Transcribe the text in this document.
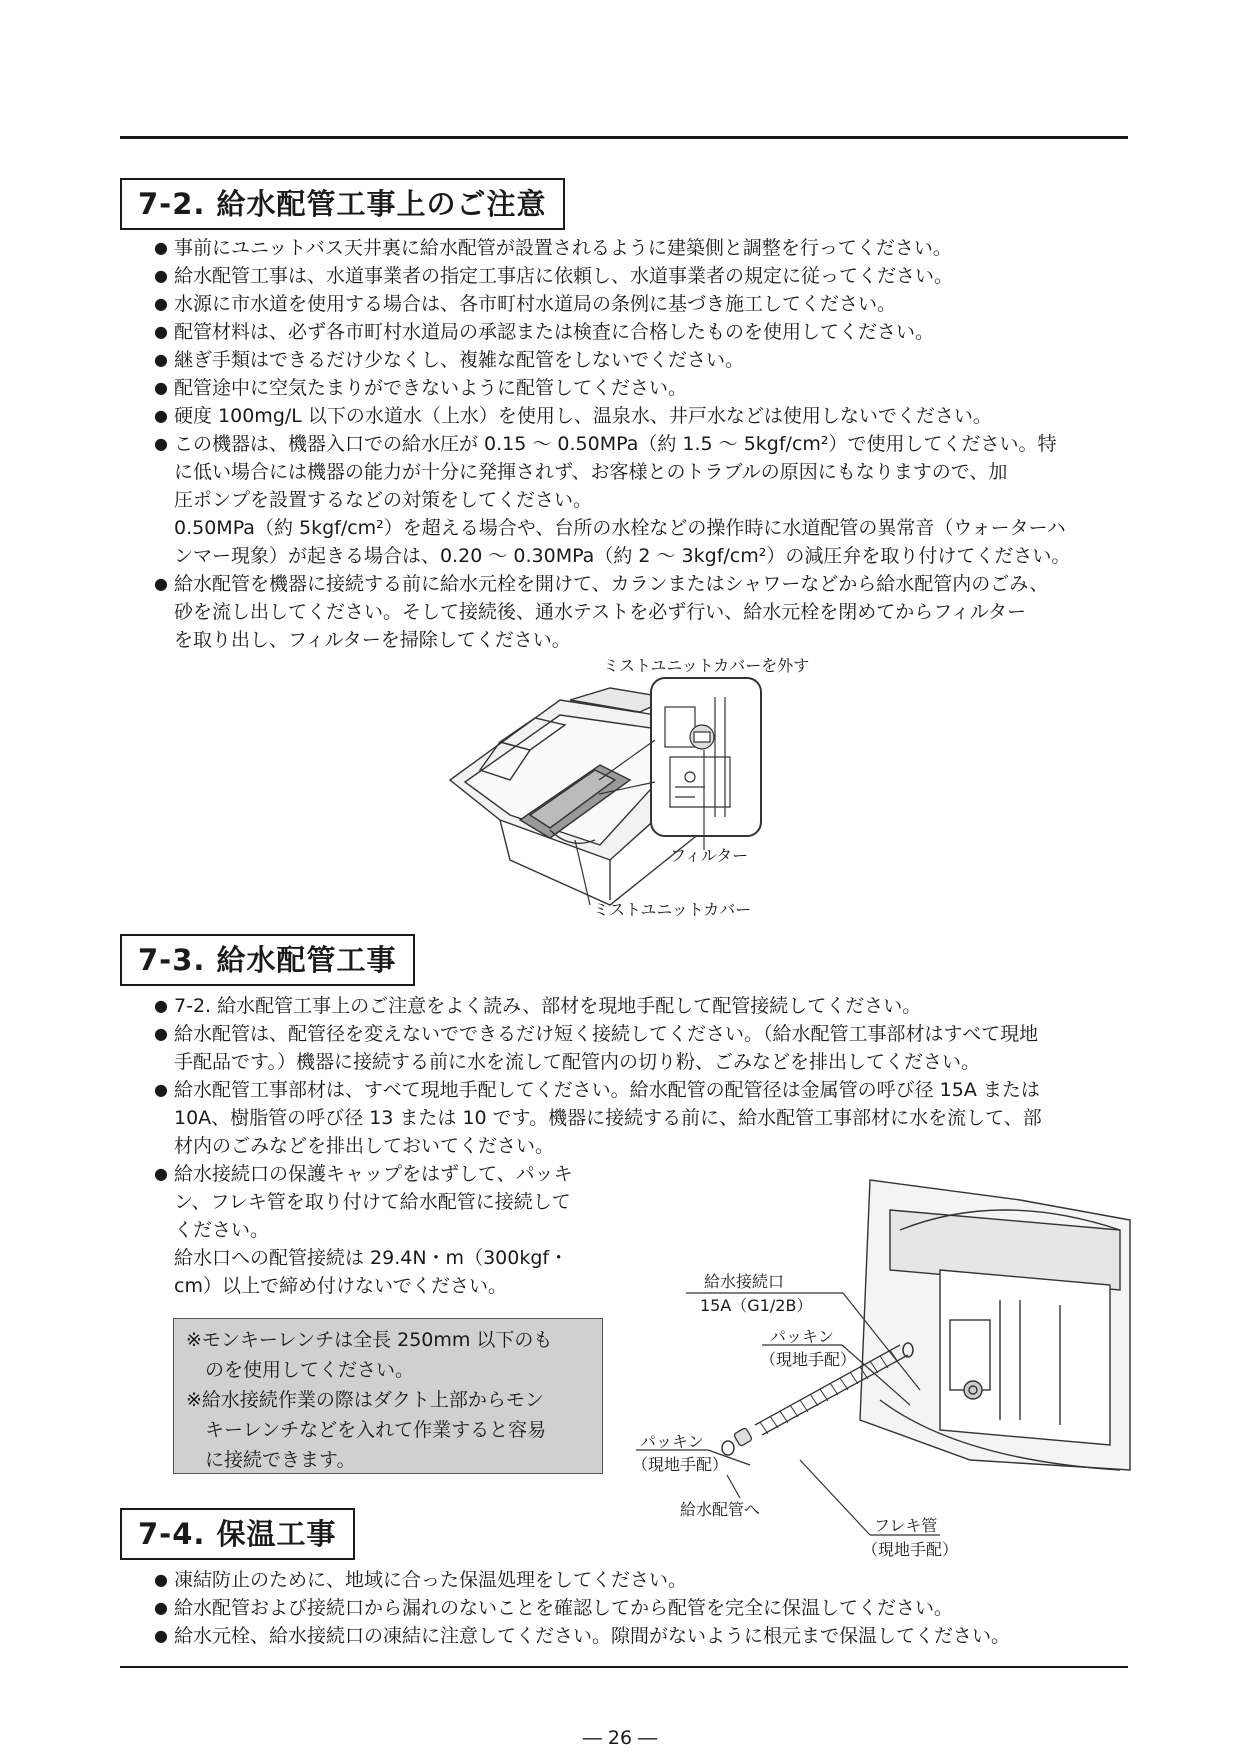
7-2. 給水配管工事上のご注意
● 事前にユニットバス天井裏に給水配管が設置されるように建築側と調整を行ってください。
● 給水配管工事は、水道事業者の指定工事店に依頼し、水道事業者の規定に従ってください。
● 水源に市水道を使用する場合は、各市町村水道局の条例に基づき施工してください。
● 配管材料は、必ず各市町村水道局の承認または検査に合格したものを使用してください。
● 継ぎ手類はできるだけ少なくし、複雑な配管をしないでください。
● 配管途中に空気たまりができないように配管してください。
● 硬度 100mg/L 以下の水道水（上水）を使用し、温泉水、井戸水などは使用しないでください。
● この機器は、機器入口での給水圧が 0.15 ～ 0.50MPa（約 1.5 ～ 5kgf/cm²）で使用してください。特
に低い場合には機器の能力が十分に発揮されず、お客様とのトラブルの原因にもなりますので、加
圧ポンプを設置するなどの対策をしてください。
0.50MPa（約 5kgf/cm²）を超える場合や、台所の水栓などの操作時に水道配管の異常音（ウォーターハ
ンマー現象）が起きる場合は、0.20 ～ 0.30MPa（約 2 ～ 3kgf/cm²）の減圧弁を取り付けてください。
● 給水配管を機器に接続する前に給水元栓を開けて、カランまたはシャワーなどから給水配管内のごみ、
砂を流し出してください。そして接続後、通水テストを必ず行い、給水元栓を閉めてからフィルター
を取り出し、フィルターを掃除してください。
ミストユニットカバーを外す
フィルター
ミストユニットカバー
7-3. 給水配管工事
● 7-2. 給水配管工事上のご注意をよく読み、部材を現地手配して配管接続してください。
● 給水配管は、配管径を変えないでできるだけ短く接続してください。（給水配管工事部材はすべて現地
手配品です。）機器に接続する前に水を流して配管内の切り粉、ごみなどを排出してください。
● 給水配管工事部材は、すべて現地手配してください。給水配管の配管径は金属管の呼び径 15A または
10A、樹脂管の呼び径 13 または 10 です。機器に接続する前に、給水配管工事部材に水を流して、部
材内のごみなどを排出しておいてください。
● 給水接続口の保護キャップをはずして、パッキ
ン、フレキ管を取り付けて給水配管に接続して
ください。
給水口への配管接続は 29.4N・m（300kgf・
cm）以上で締め付けないでください。
※モンキーレンチは全長 250mm 以下のも
　のを使用してください。
※給水接続作業の際はダクト上部からモン
　キーレンチなどを入れて作業すると容易
　に接続できます。
給水接続口
15A（G1/2B）
パッキン
（現地手配）
パッキン
（現地手配）
給水配管へ
フレキ管
（現地手配）
7-4. 保温工事
● 凍結防止のために、地域に合った保温処理をしてください。
● 給水配管および接続口から漏れのないことを確認してから配管を完全に保温してください。
● 給水元栓、給水接続口の凍結に注意してください。隙間がないように根元まで保温してください。
― 26 ―
